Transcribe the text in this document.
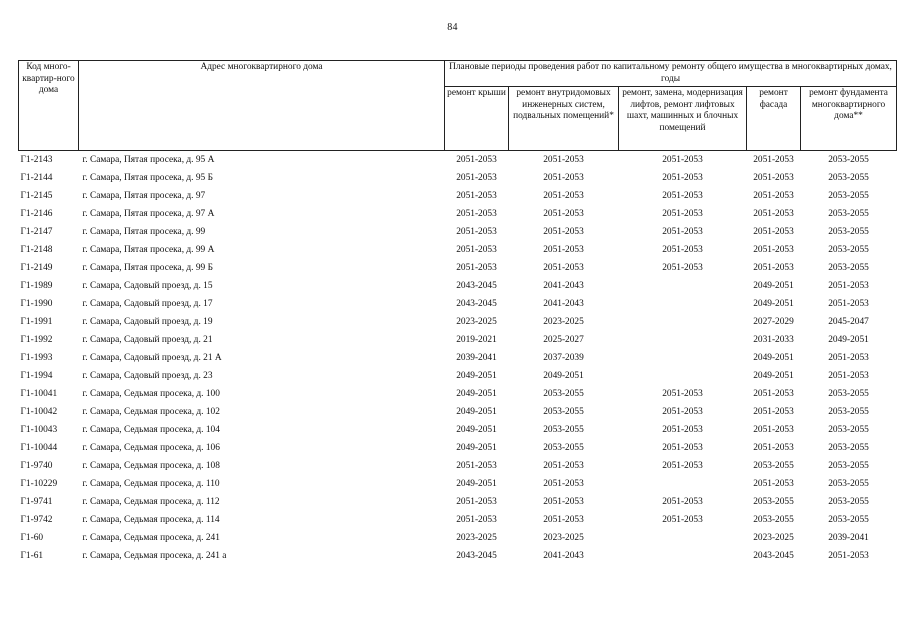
84
Код много-квартир-ного дома	Адрес многоквартирного дома	Плановые периоды проведения работ по капитальному ремонту общего имущества в многоквартирных домах, годы				
		ремонт крыши	ремонт внутридомовых инженерных систем, подвальных помещений*	ремонт, замена, модернизация лифтов, ремонт лифтовых шахт, машинных и блочных помещений	ремонт фасада	ремонт фундамента многоквартирного дома**
Г1-2143	г. Самара, Пятая просека, д. 95 А	2051-2053	2051-2053	2051-2053	2051-2053	2053-2055
Г1-2144	г. Самара, Пятая просека, д. 95 Б	2051-2053	2051-2053	2051-2053	2051-2053	2053-2055
Г1-2145	г. Самара, Пятая просека, д. 97	2051-2053	2051-2053	2051-2053	2051-2053	2053-2055
Г1-2146	г. Самара, Пятая просека, д. 97 А	2051-2053	2051-2053	2051-2053	2051-2053	2053-2055
Г1-2147	г. Самара, Пятая просека, д. 99	2051-2053	2051-2053	2051-2053	2051-2053	2053-2055
Г1-2148	г. Самара, Пятая просека, д. 99 А	2051-2053	2051-2053	2051-2053	2051-2053	2053-2055
Г1-2149	г. Самара, Пятая просека, д. 99 Б	2051-2053	2051-2053	2051-2053	2051-2053	2053-2055
Г1-1989	г. Самара, Садовый проезд, д. 15	2043-2045	2041-2043		2049-2051	2051-2053
Г1-1990	г. Самара, Садовый проезд, д. 17	2043-2045	2041-2043		2049-2051	2051-2053
Г1-1991	г. Самара, Садовый проезд, д. 19	2023-2025	2023-2025		2027-2029	2045-2047
Г1-1992	г. Самара, Садовый проезд, д. 21	2019-2021	2025-2027		2031-2033	2049-2051
Г1-1993	г. Самара, Садовый проезд, д. 21 А	2039-2041	2037-2039		2049-2051	2051-2053
Г1-1994	г. Самара, Садовый проезд, д. 23	2049-2051	2049-2051		2049-2051	2051-2053
Г1-10041	г. Самара, Седьмая просека, д. 100	2049-2051	2053-2055	2051-2053	2051-2053	2053-2055
Г1-10042	г. Самара, Седьмая просека, д. 102	2049-2051	2053-2055	2051-2053	2051-2053	2053-2055
Г1-10043	г. Самара, Седьмая просека, д. 104	2049-2051	2053-2055	2051-2053	2051-2053	2053-2055
Г1-10044	г. Самара, Седьмая просека, д. 106	2049-2051	2053-2055	2051-2053	2051-2053	2053-2055
Г1-9740	г. Самара, Седьмая просека, д. 108	2051-2053	2051-2053	2051-2053	2053-2055	2053-2055
Г1-10229	г. Самара, Седьмая просека, д. 110	2049-2051	2051-2053		2051-2053	2053-2055
Г1-9741	г. Самара, Седьмая просека, д. 112	2051-2053	2051-2053	2051-2053	2053-2055	2053-2055
Г1-9742	г. Самара, Седьмая просека, д. 114	2051-2053	2051-2053	2051-2053	2053-2055	2053-2055
Г1-60	г. Самара, Седьмая просека, д. 241	2023-2025	2023-2025		2023-2025	2039-2041
Г1-61	г. Самара, Седьмая просека, д. 241 а	2043-2045	2041-2043		2043-2045	2051-2053
